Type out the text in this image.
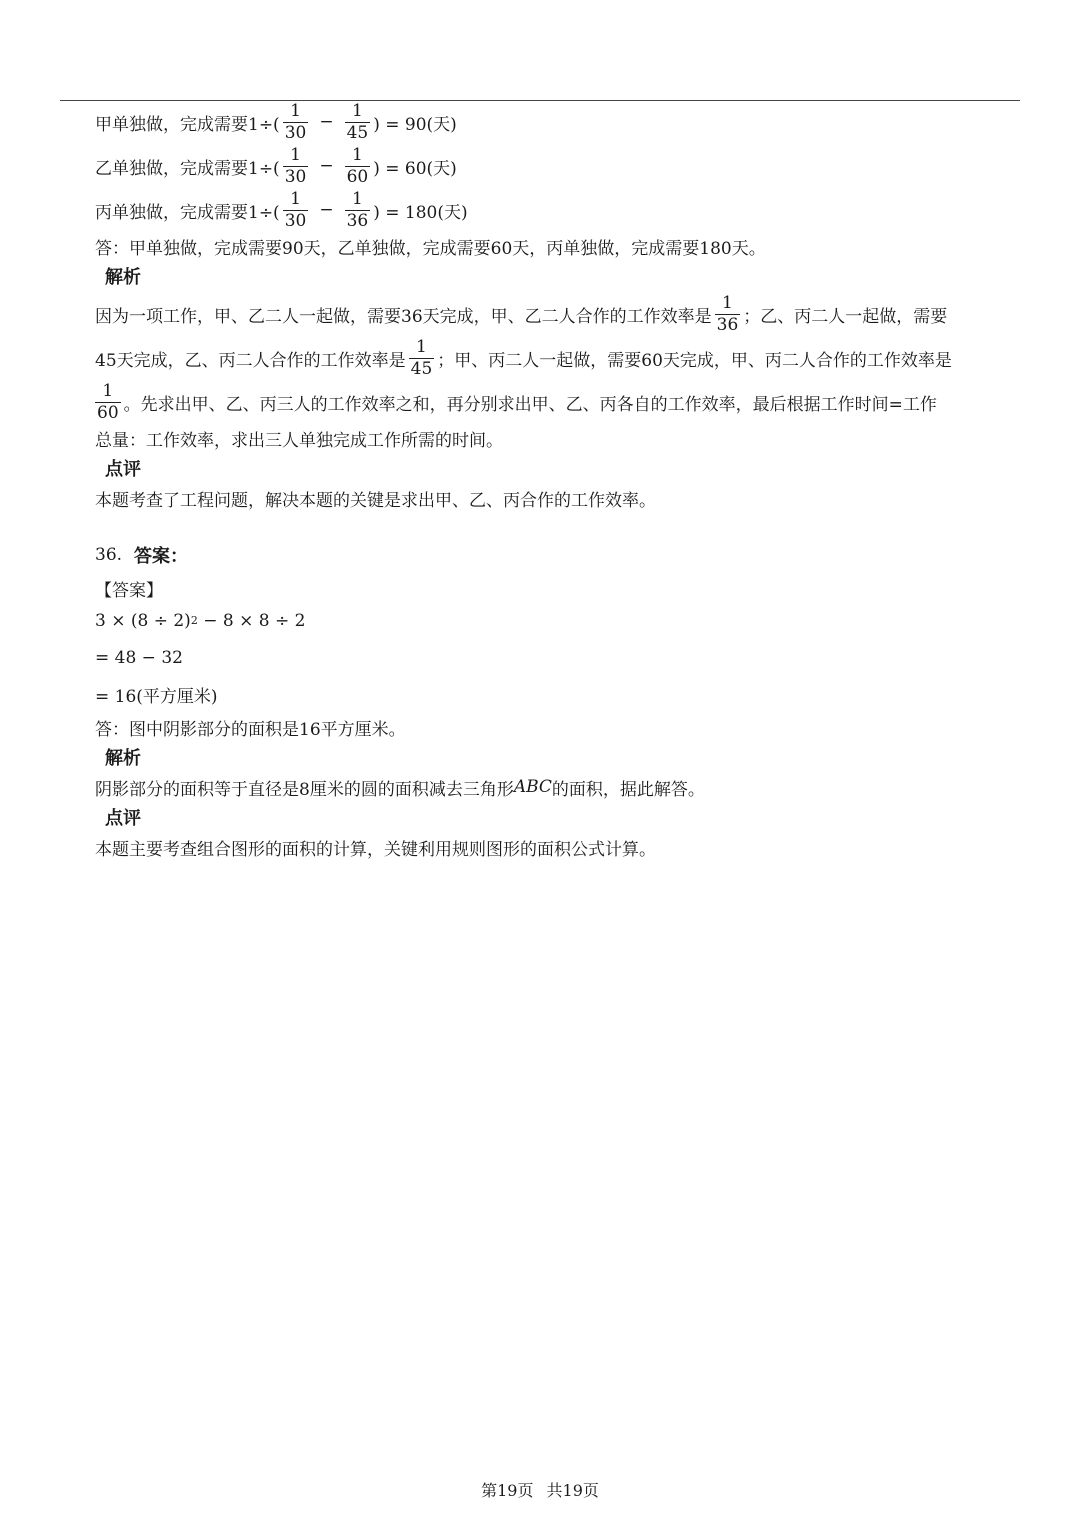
甲单独做，完成需要$1\div( \frac{1}{30} - \frac{1}{45}$ ) = 90(天)
乙单独做，完成需要$1\div( \frac{1}{30} - \frac{1}{60}$ ) = 60(天)
丙单独做，完成需要$1\div( \frac{1}{30} - \frac{1}{36}$ ) = 180(天)
答：甲单独做，完成需要90天，乙单独做，完成需要60天，丙单独做，完成需要180天。
解析
因为一项工作，甲、乙二人一起做，需要36天完成，甲、乙二人合作的工作效率是 $\frac{1}{36}$ ；乙、丙二人一起做，需要
45天完成，乙、丙二人合作的工作效率是 $\frac{1}{45}$ ；甲、丙二人一起做，需要60天完成，甲、丙二人合作的工作效率是
$\frac{1}{60}$ 。先求出甲、乙、丙三人的工作效率之和，再分别求出甲、乙、丙各自的工作效率，最后根据工作时间=工作
总量：工作效率，求出三人单独完成工作所需的时间。
点评
本题考查了工程问题，解决本题的关键是求出甲、乙、丙合作的工作效率。
36. 答案：
【答案】
3 × (8 ÷ 2) 2 − 8 × 8 ÷ 2
= 48 − 32
= 16(平方厘米)
答：图中阴影部分的面积是16平方厘米。
解析
阴影部分的面积等于直径是8厘米的圆的面积减去三角形 ABC 的面积，据此解答。
点评
本题主要考查组合图形的面积的计算，关键利用规则图形的面积公式计算。
第19页 共19页
